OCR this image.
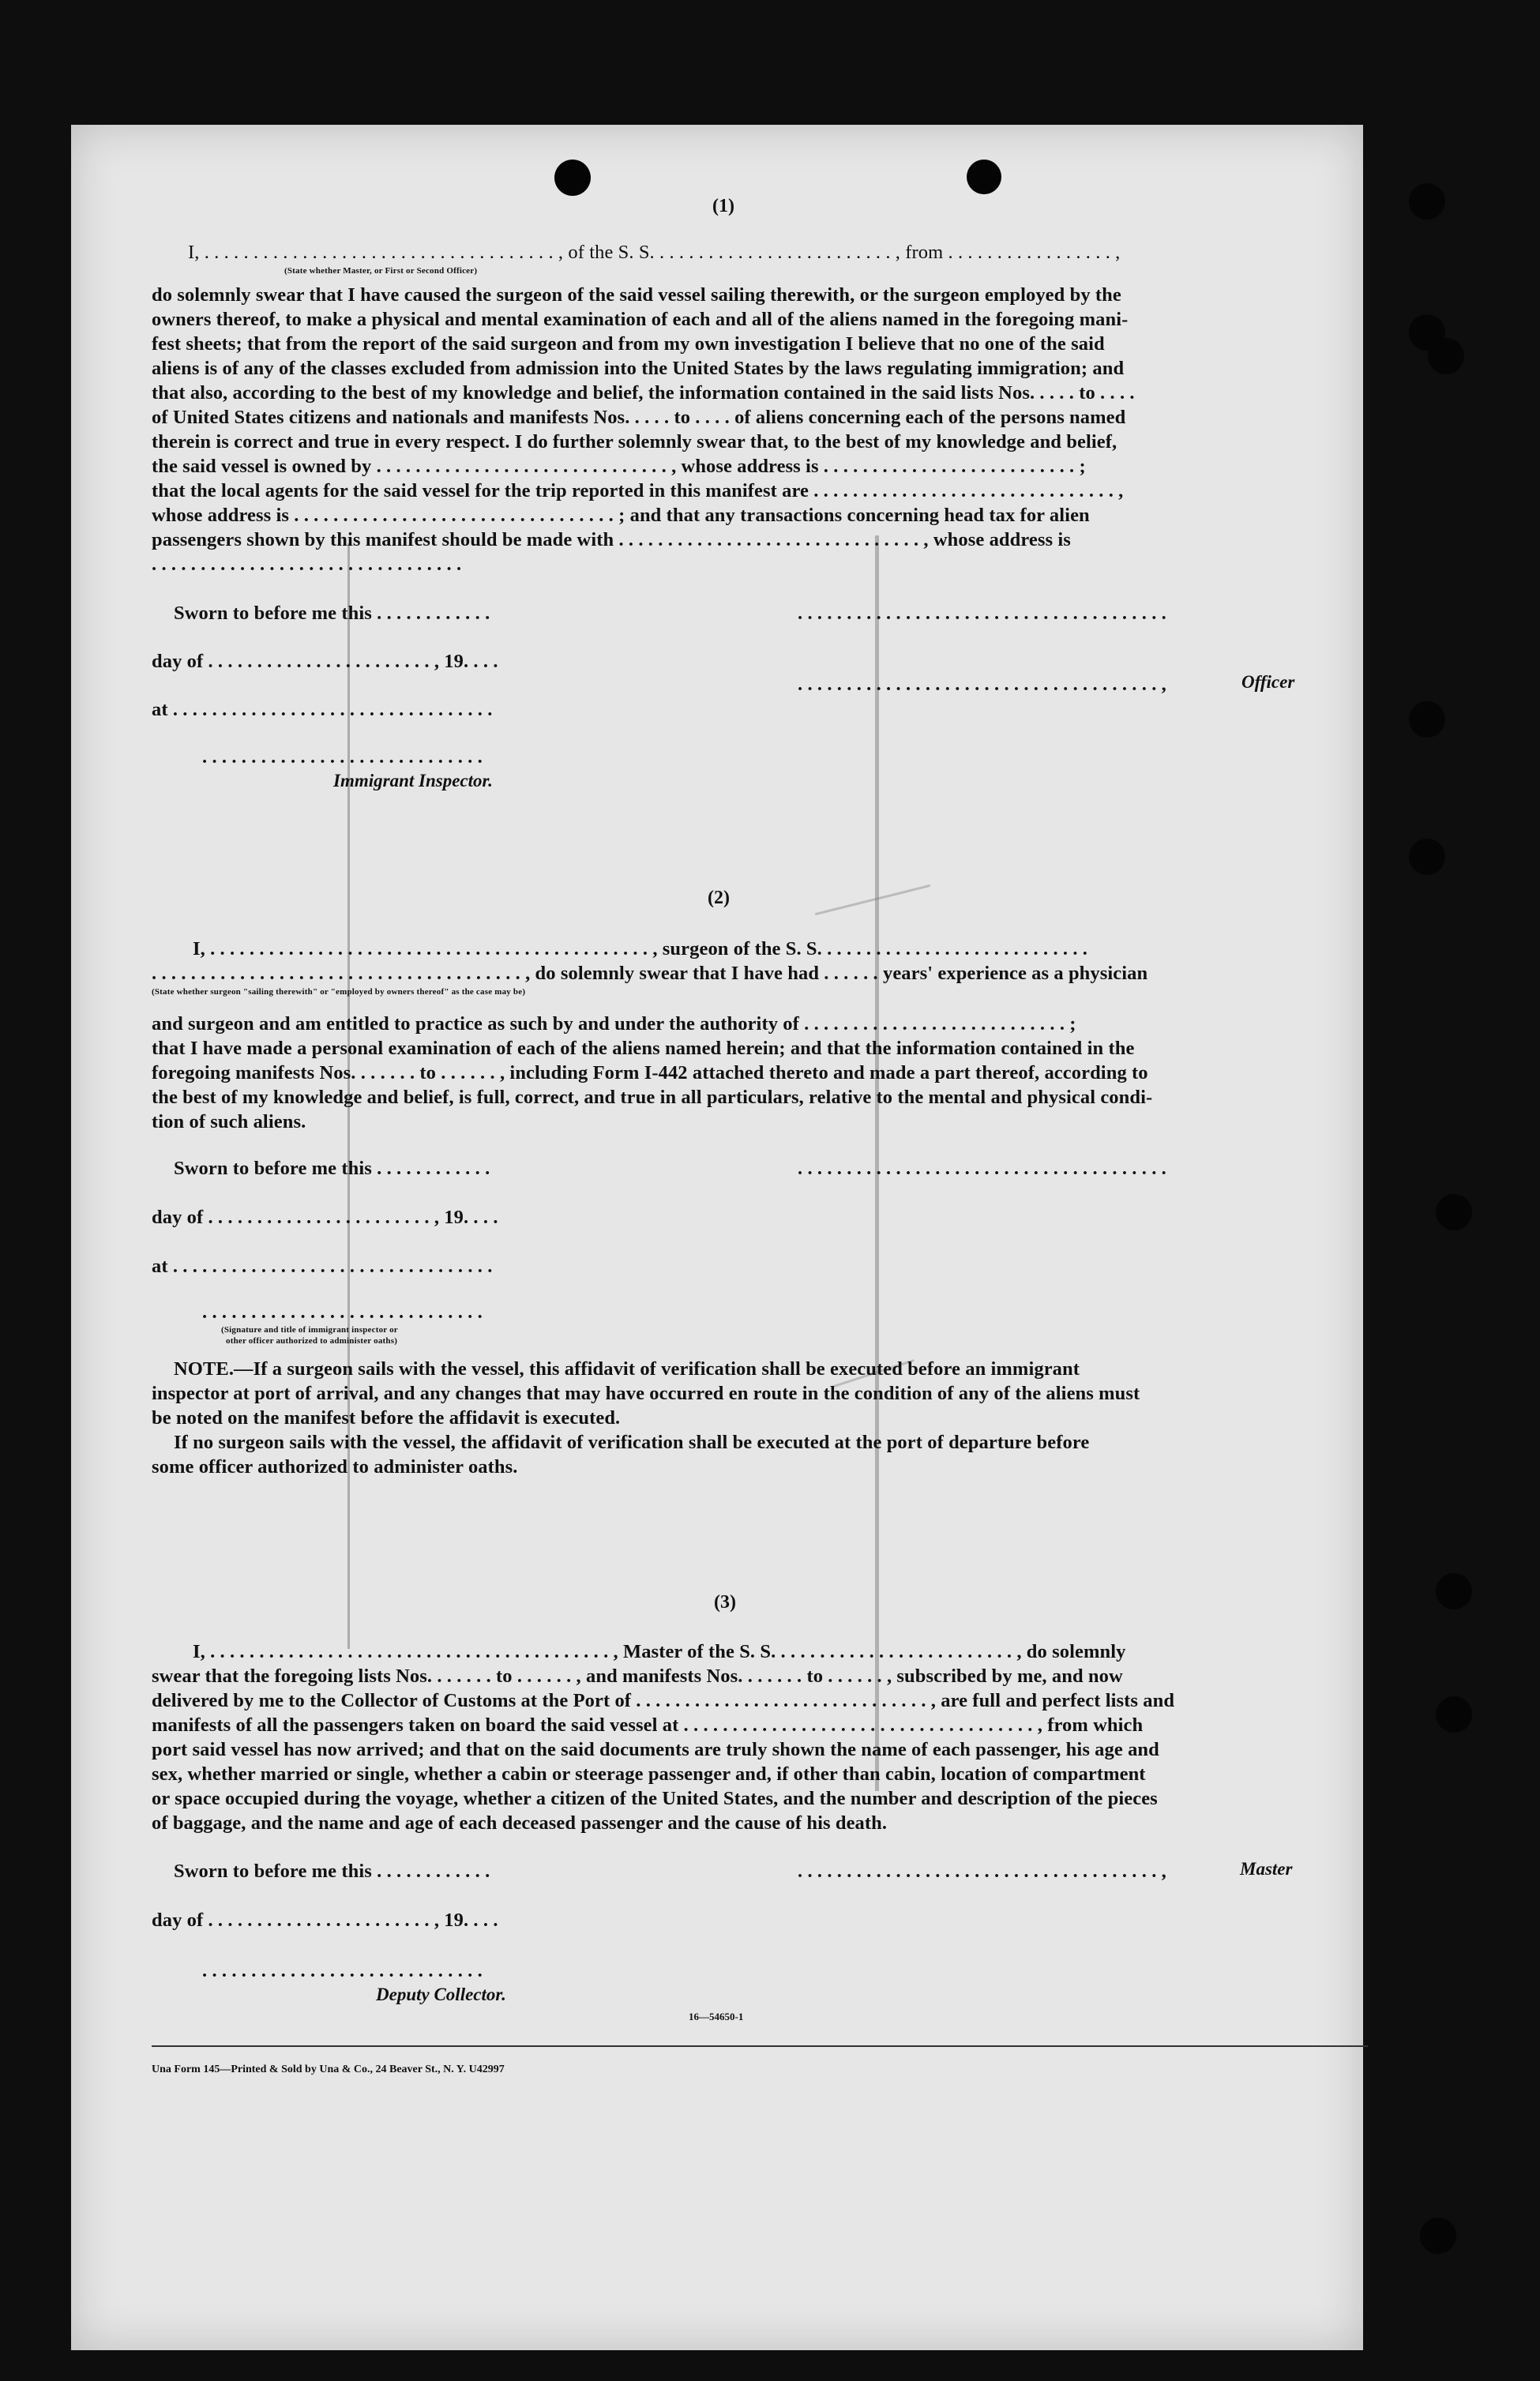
(1)
I, . . . . . . . . . . . . . . . . . . . . . . . . . . . . . . . . . . . . , of the S. S. . . . . . . . . . . . . . . . . . . . . . . . . , from . . . . . . . . . . . . . . . . . ,
(State whether Master, or First or Second Officer)
do solemnly swear that I have caused the surgeon of the said vessel sailing therewith, or the surgeon employed by the
owners thereof, to make a physical and mental examination of each and all of the aliens named in the foregoing mani-
fest sheets; that from the report of the said surgeon and from my own investigation I believe that no one of the said
aliens is of any of the classes excluded from admission into the United States by the laws regulating immigration; and
that also, according to the best of my knowledge and belief, the information contained in the said lists Nos. . . . . to . . . .
of United States citizens and nationals and manifests Nos. . . . . to . . . . of aliens concerning each of the persons named
therein is correct and true in every respect. I do further solemnly swear that, to the best of my knowledge and belief,
the said vessel is owned by . . . . . . . . . . . . . . . . . . . . . . . . . . . . . . , whose address is . . . . . . . . . . . . . . . . . . . . . . . . . . ;
that the local agents for the said vessel for the trip reported in this manifest are . . . . . . . . . . . . . . . . . . . . . . . . . . . . . . . ,
whose address is . . . . . . . . . . . . . . . . . . . . . . . . . . . . . . . . . ; and that any transactions concerning head tax for alien
passengers shown by this manifest should be made with . . . . . . . . . . . . . . . . . . . . . . . . . . . . . . . , whose address is
. . . . . . . . . . . . . . . . . . . . . . . . . . . . . . . .
Sworn to before me this . . . . . . . . . . . .	. . . . . . . . . . . . . . . . . . . . . . . . . . . . . . . . . . . . . .
day of . . . . . . . . . . . . . . . . . . . . . . . , 19. . . .
. . . . . . . . . . . . . . . . . . . . . . . . . . . . . . . . . . . . . ,	Officer
at . . . . . . . . . . . . . . . . . . . . . . . . . . . . . . . . .
. . . . . . . . . . . . . . . . . . . . . . . . . . . . .
Immigrant Inspector.
(2)
I, . . . . . . . . . . . . . . . . . . . . . . . . . . . . . . . . . . . . . . . . . . . . . , surgeon of the S. S. . . . . . . . . . . . . . . . . . . . . . . . . . . .
. . . . . . . . . . . . . . . . . . . . . . . . . . . . . . . . . . . . . . , do solemnly swear that I have had . . . . . . years' experience as a physician
(State whether surgeon "sailing therewith" or "employed by owners thereof" as the case may be)
and surgeon and am entitled to practice as such by and under the authority of . . . . . . . . . . . . . . . . . . . . . . . . . . . ;
that I have made a personal examination of each of the aliens named herein; and that the information contained in the
foregoing manifests Nos. . . . . . . to . . . . . . , including Form I-442 attached thereto and made a part thereof, according to
the best of my knowledge and belief, is full, correct, and true in all particulars, relative to the mental and physical condi-
tion of such aliens.
Sworn to before me this . . . . . . . . . . . .	. . . . . . . . . . . . . . . . . . . . . . . . . . . . . . . . . . . . . .
day of . . . . . . . . . . . . . . . . . . . . . . . , 19. . . .
at . . . . . . . . . . . . . . . . . . . . . . . . . . . . . . . . .
. . . . . . . . . . . . . . . . . . . . . . . . . . . . .
(Signature and title of immigrant inspector or
other officer authorized to administer oaths)
NOTE.—If a surgeon sails with the vessel, this affidavit of verification shall be executed before an immigrant
inspector at port of arrival, and any changes that may have occurred en route in the condition of any of the aliens must
be noted on the manifest before the affidavit is executed.
If no surgeon sails with the vessel, the affidavit of verification shall be executed at the port of departure before
some officer authorized to administer oaths.
(3)
I, . . . . . . . . . . . . . . . . . . . . . . . . . . . . . . . . . . . . . . . . . , Master of the S. S. . . . . . . . . . . . . . . . . . . . . . . . . , do solemnly
swear that the foregoing lists Nos. . . . . . . to . . . . . . , and manifests Nos. . . . . . . to . . . . . . , subscribed by me, and now
delivered by me to the Collector of Customs at the Port of . . . . . . . . . . . . . . . . . . . . . . . . . . . . . . , are full and perfect lists and
manifests of all the passengers taken on board the said vessel at . . . . . . . . . . . . . . . . . . . . . . . . . . . . . . . . . . . . , from which
port said vessel has now arrived; and that on the said documents are truly shown the name of each passenger, his age and
sex, whether married or single, whether a cabin or steerage passenger and, if other than cabin, location of compartment
or space occupied during the voyage, whether a citizen of the United States, and the number and description of the pieces
of baggage, and the name and age of each deceased passenger and the cause of his death.
Sworn to before me this . . . . . . . . . . . .	. . . . . . . . . . . . . . . . . . . . . . . . . . . . . . . . . . . . . ,	Master
day of . . . . . . . . . . . . . . . . . . . . . . . , 19. . . .
. . . . . . . . . . . . . . . . . . . . . . . . . . . . .
Deputy Collector.
16—54650-1
Una Form 145—Printed & Sold by Una & Co., 24 Beaver St., N. Y. U42997
